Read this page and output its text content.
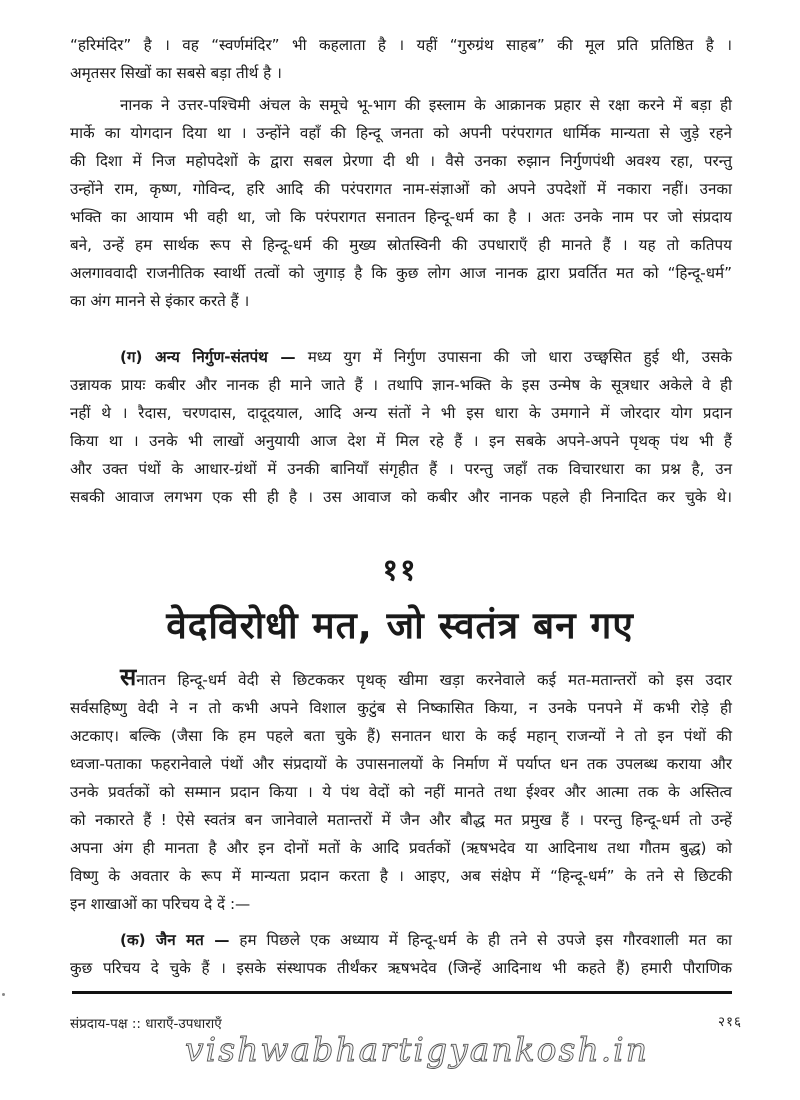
“हरिमंदिर” है । वह “स्वर्णमंदिर” भी कहलाता है । यहीं “गुरुग्रंथ साहब” की मूल प्रति प्रतिष्ठित है ।
अमृतसर सिखों का सबसे बड़ा तीर्थ है ।
नानक ने उत्तर-पश्चिमी अंचल के समूचे भू-भाग की इस्लाम के आक्रानक प्रहार से रक्षा करने में बड़ा ही
मार्के का योगदान दिया था । उन्होंने वहाँ की हिन्दू जनता को अपनी परंपरागत धार्मिक मान्यता से जुड़े रहने
की दिशा में निज महोपदेशों के द्वारा सबल प्रेरणा दी थी । वैसे उनका रुझान निर्गुणपंथी अवश्य रहा, परन्तु
उन्होंने राम, कृष्ण, गोविन्द, हरि आदि की परंपरागत नाम-संज्ञाओं को अपने उपदेशों में नकारा नहीं। उनका
भक्ति का आयाम भी वही था, जो कि परंपरागत सनातन हिन्दू-धर्म का है । अतः उनके नाम पर जो संप्रदाय
बने, उन्हें हम सार्थक रूप से हिन्दू-धर्म की मुख्य स्रोतस्विनी की उपधाराएँ ही मानते हैं । यह तो कतिपय
अलगाववादी राजनीतिक स्वार्थी तत्वों को जुगाड़ है कि कुछ लोग आज नानक द्वारा प्रवर्तित मत को “हिन्दू-धर्म”
का अंग मानने से इंकार करते हैं ।
(ग) अन्य निर्गुण-संतपंथ — मध्य युग में निर्गुण उपासना की जो धारा उच्छ्वसित हुई थी, उसके
उन्नायक प्रायः कबीर और नानक ही माने जाते हैं । तथापि ज्ञान-भक्ति के इस उन्मेष के सूत्रधार अकेले वे ही
नहीं थे । रैदास, चरणदास, दादूदयाल, आदि अन्य संतों ने भी इस धारा के उमगाने में जोरदार योग प्रदान
किया था । उनके भी लाखों अनुयायी आज देश में मिल रहे हैं । इन सबके अपने-अपने पृथक् पंथ भी हैं
और उक्त पंथों के आधार-ग्रंथों में उनकी बानियाँ संगृहीत हैं । परन्तु जहाँ तक विचारधारा का प्रश्न है, उन
सबकी आवाज लगभग एक सी ही है । उस आवाज को कबीर और नानक पहले ही निनादित कर चुके थे।
११
वेदविरोधी मत, जो स्वतंत्र बन गए
सनातन हिन्दू-धर्म वेदी से छिटककर पृथक् खीमा खड़ा करनेवाले कई मत-मतान्तरों को इस उदार
सर्वसहिष्णु वेदी ने न तो कभी अपने विशाल कुटुंब से निष्कासित किया, न उनके पनपने में कभी रोड़े ही
अटकाए। बल्कि (जैसा कि हम पहले बता चुके हैं) सनातन धारा के कई महान् राजन्यों ने तो इन पंथों की
ध्वजा-पताका फहरानेवाले पंथों और संप्रदायों के उपासनालयों के निर्माण में पर्याप्त धन तक उपलब्ध कराया और
उनके प्रवर्तकों को सम्मान प्रदान किया । ये पंथ वेदों को नहीं मानते तथा ईश्वर और आत्मा तक के अस्तित्व
को नकारते हैं ! ऐसे स्वतंत्र बन जानेवाले मतान्तरों में जैन और बौद्ध मत प्रमुख हैं । परन्तु हिन्दू-धर्म तो उन्हें
अपना अंग ही मानता है और इन दोनों मतों के आदि प्रवर्तकों (ऋषभदेव या आदिनाथ तथा गौतम बुद्ध) को
विष्णु के अवतार के रूप में मान्यता प्रदान करता है । आइए, अब संक्षेप में “हिन्दू-धर्म” के तने से छिटकी
इन शाखाओं का परिचय दे दें :—
(क) जैन मत — हम पिछले एक अध्याय में हिन्दू-धर्म के ही तने से उपजे इस गौरवशाली मत का
कुछ परिचय दे चुके हैं । इसके संस्थापक तीर्थंकर ऋषभदेव (जिन्हें आदिनाथ भी कहते हैं) हमारी पौराणिक
संप्रदाय-पक्ष :: धाराएँ-उपधाराएँ	२१६
vishwabhartigyankosh.in
